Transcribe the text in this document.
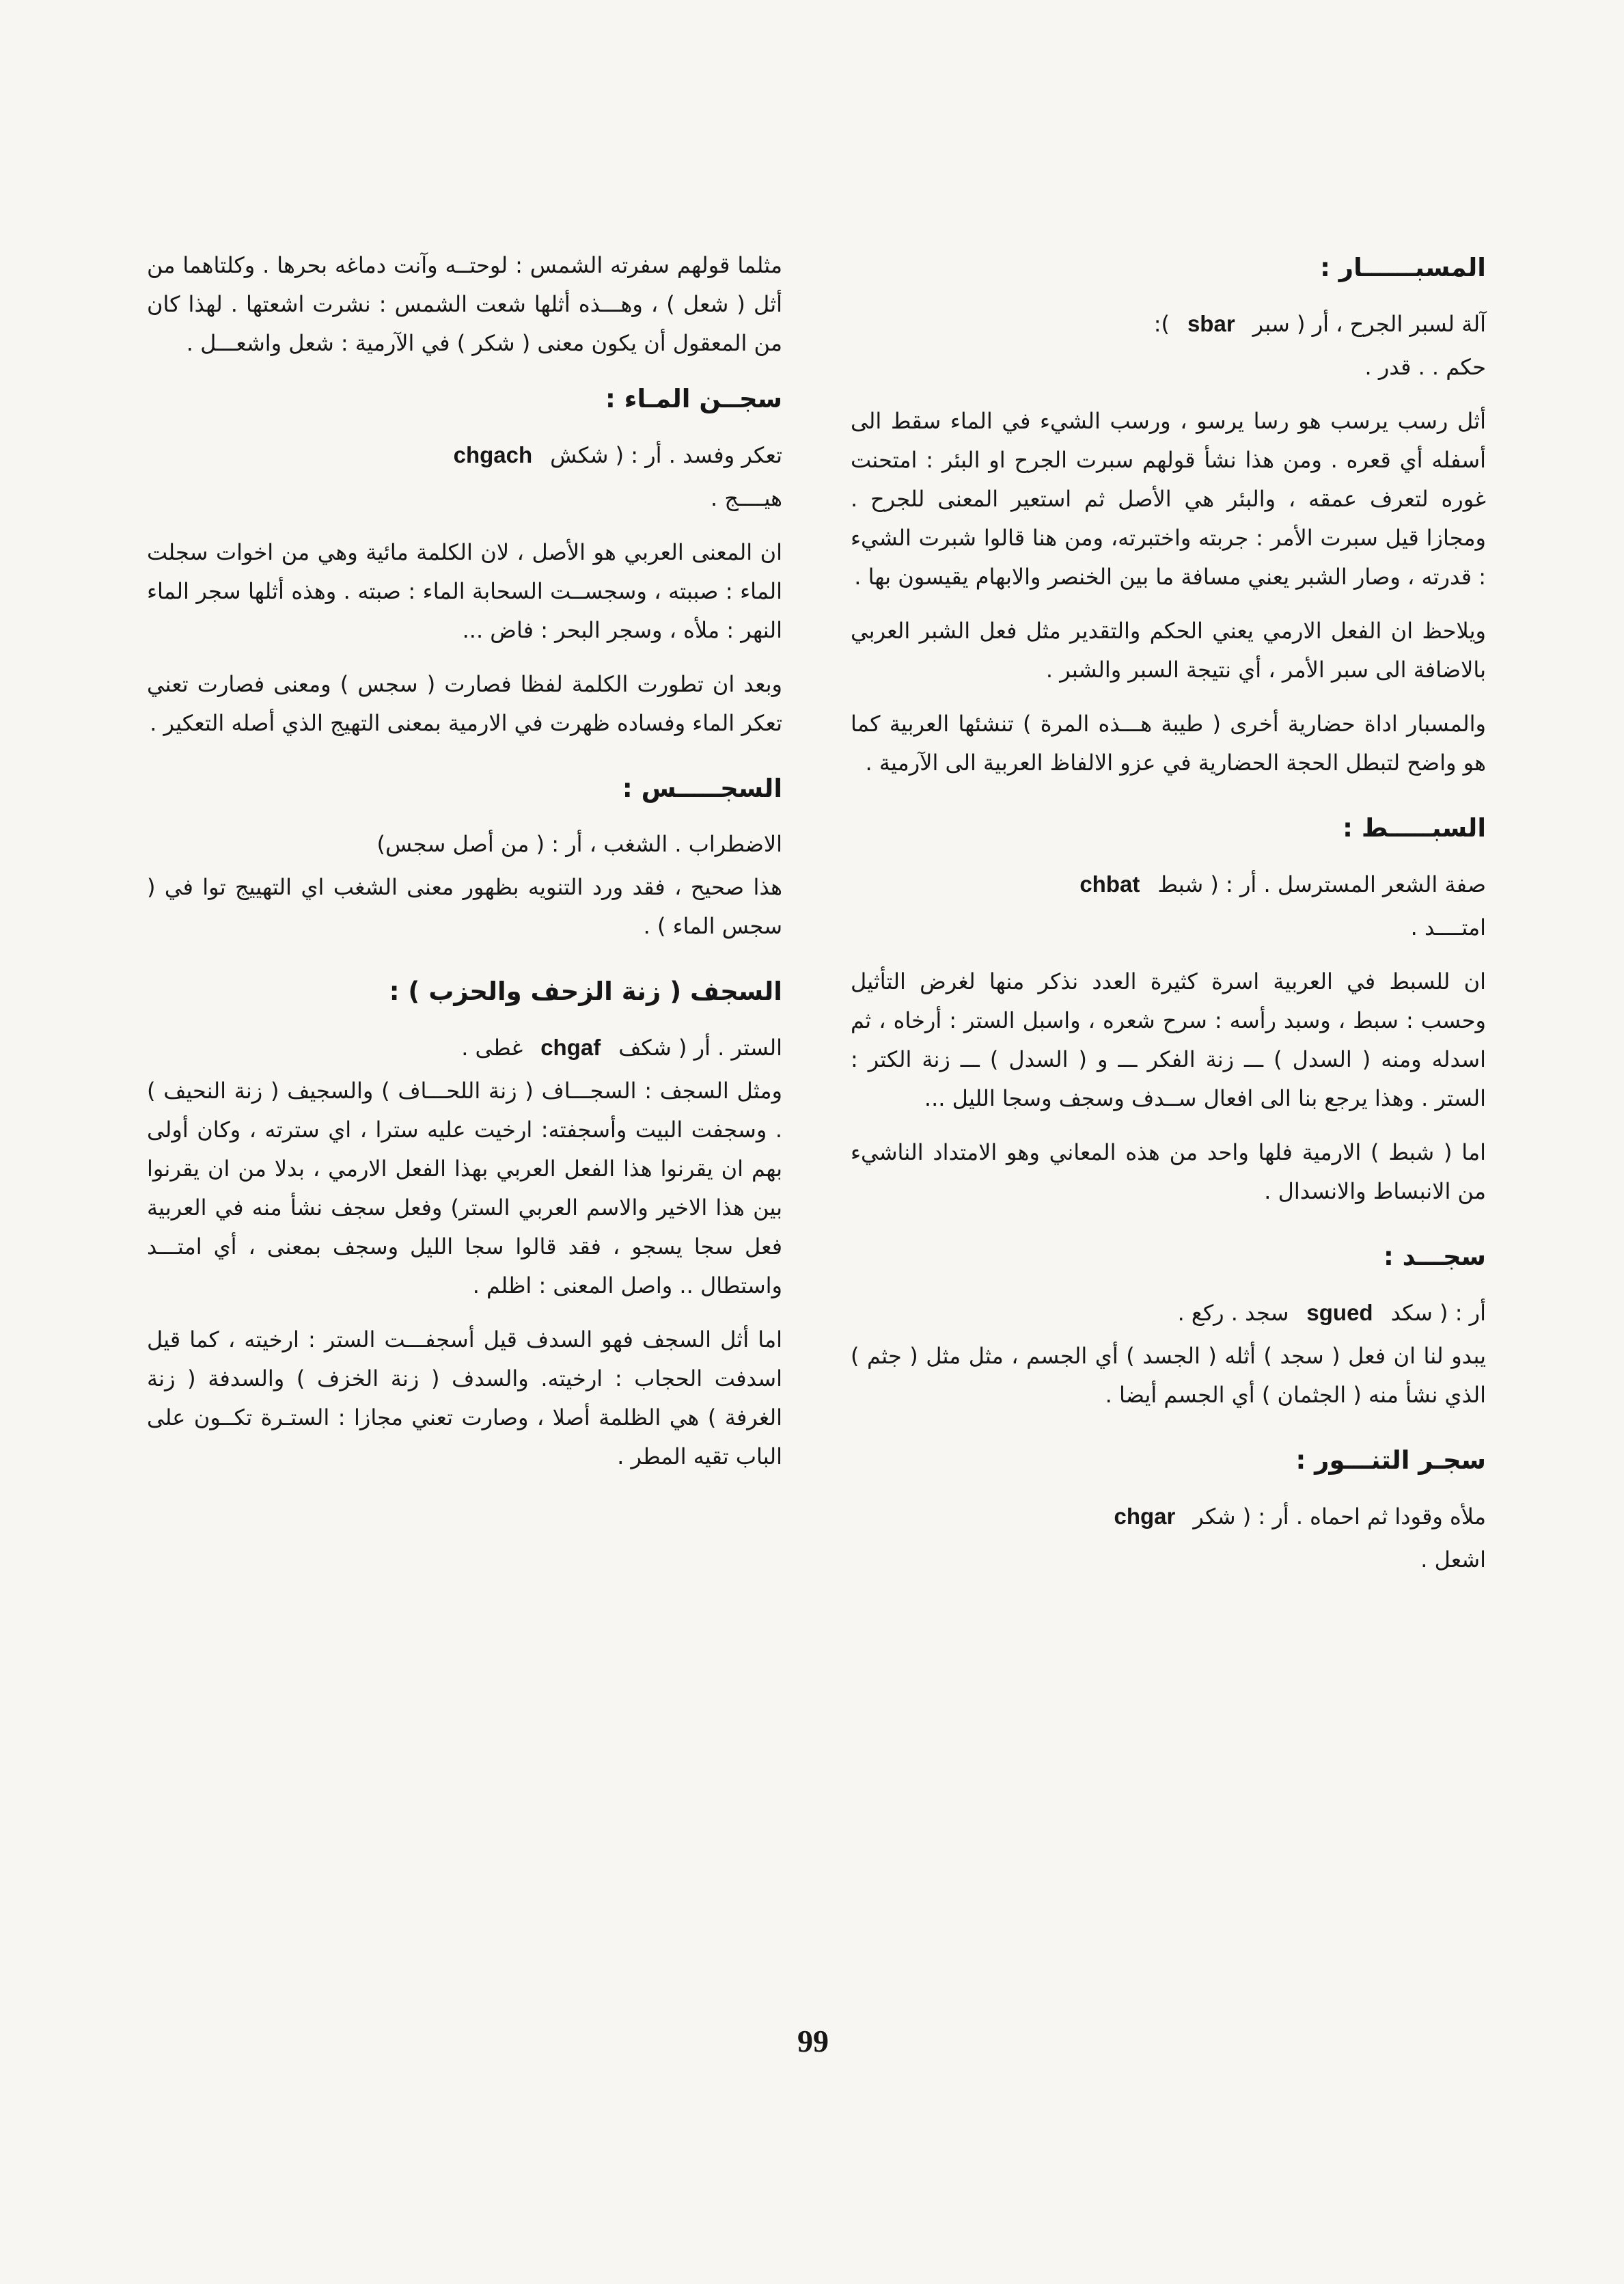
المسبــــــار :
آلة لسبر الجرح ، أر ( سبر
sbar
):
حكم . . قدر .

أثل رسب يرسب هو رسا يرسو ، ورسب الشيء في الماء سقط الى أسفله أي قعره . ومن هذا نشأ قولهم سبرت الجرح او البئر : امتحنت غوره لتعرف عمقه ، والبئر هي الأصل ثم استعير المعنى للجرح . ومجازا قيل سبرت الأمر : جربته واختبرته، ومن هنا قالوا شبرت الشيء : قدرته ، وصار الشبر يعني مسافة ما بين الخنصر والابهام يقيسون بها .

ويلاحظ ان الفعل الارمي يعني الحكم والتقدير مثل فعل الشبر العربي بالاضافة الى سبر الأمر ، أي نتيجة السبر والشبر .

والمسبار اداة حضارية أخرى ( طيبة هـــذه المرة ) تنشئها العربية كما هو واضح لتبطل الحجة الحضارية في عزو الالفاظ العربية الى الآرمية .

السبـــــط :
صفة الشعر المسترسل . أر : ( شبط
chbat
امتــــد .

ان للسبط في العربية اسرة كثيرة العدد نذكر منها لغرض التأثيل وحسب : سبط ، وسبد رأسه : سرح شعره ، واسبل الستر : أرخاه ، ثم اسدله ومنه ( السدل ) ـــ زنة الفكر ـــ و ( السدل ) ـــ زنة الكتر : الستر . وهذا يرجع بنا الى افعال ســدف وسجف وسجا الليل ...

اما ( شبط ) الارمية فلها واحد من هذه المعاني وهو الامتداد الناشيء من الانبساط والانسدال .

سجـــد :
أر : ( سكد
sgued
سجد . ركع .

يبدو لنا ان فعل ( سجد ) أثله ( الجسد ) أي الجسم ، مثل مثل ( جثم ) الذي نشأ منه ( الجثمان ) أي الجسم أيضا .

سجـر التنـــور :
ملأه وقودا ثم احماه . أر : ( شكر
chgar
اشعل .

مثلما قولهم سفرته الشمس : لوحتــه وآنت دماغه بحرها . وكلتاهما من أثل ( شعل ) ، وهـــذه أثلها شعت الشمس : نشرت اشعتها . لهذا كان من المعقول أن يكون معنى ( شكر ) في الآرمية : شعل واشعـــل .

سجــن المـاء :
تعكر وفسد . أر : ( شكش
chgach
هيــــج .

ان المعنى العربي هو الأصل ، لان الكلمة مائية وهي من اخوات سجلت الماء : صببته ، وسجســت السحابة الماء : صبته . وهذه أثلها سجر الماء النهر : ملأه ، وسجر البحر : فاض ...

وبعد ان تطورت الكلمة لفظا فصارت ( سجس ) ومعنى فصارت تعني تعكر الماء وفساده ظهرت في الارمية بمعنى التهيج الذي أصله التعكير .

السجـــــس :
الاضطراب . الشغب ، أر : ( من أصل سجس)

هذا صحيح ، فقد ورد التنويه بظهور معنى الشغب اي التهييج توا في ( سجس الماء ) .

السجف ( زنة الزحف والحزب ) :
الستر . أر ( شكف
chgaf
غطى .

ومثل السجف : السجـــاف ( زنة اللحـــاف ) والسجيف ( زنة النحيف ) . وسجفت البيت وأسجفته: ارخيت عليه سترا ، اي سترته ، وكان أولى بهم ان يقرنوا هذا الفعل العربي بهذا الفعل الارمي ، بدلا من ان يقرنوا بين هذا الاخير والاسم العربي الستر) وفعل سجف نشأ منه في العربية فعل سجا يسجو ، فقد قالوا سجا الليل وسجف بمعنى ، أي امتـــد واستطال .. واصل المعنى : اظلم .

اما أثل السجف فهو السدف قيل أسجفـــت الستر : ارخيته ، كما قيل اسدفت الحجاب : ارخيته. والسدف ( زنة الخزف ) والسدفة ( زنة الغرفة ) هي الظلمة أصلا ، وصارت تعني مجازا : الستـرة تكــون على الباب تقيه المطر .

99
